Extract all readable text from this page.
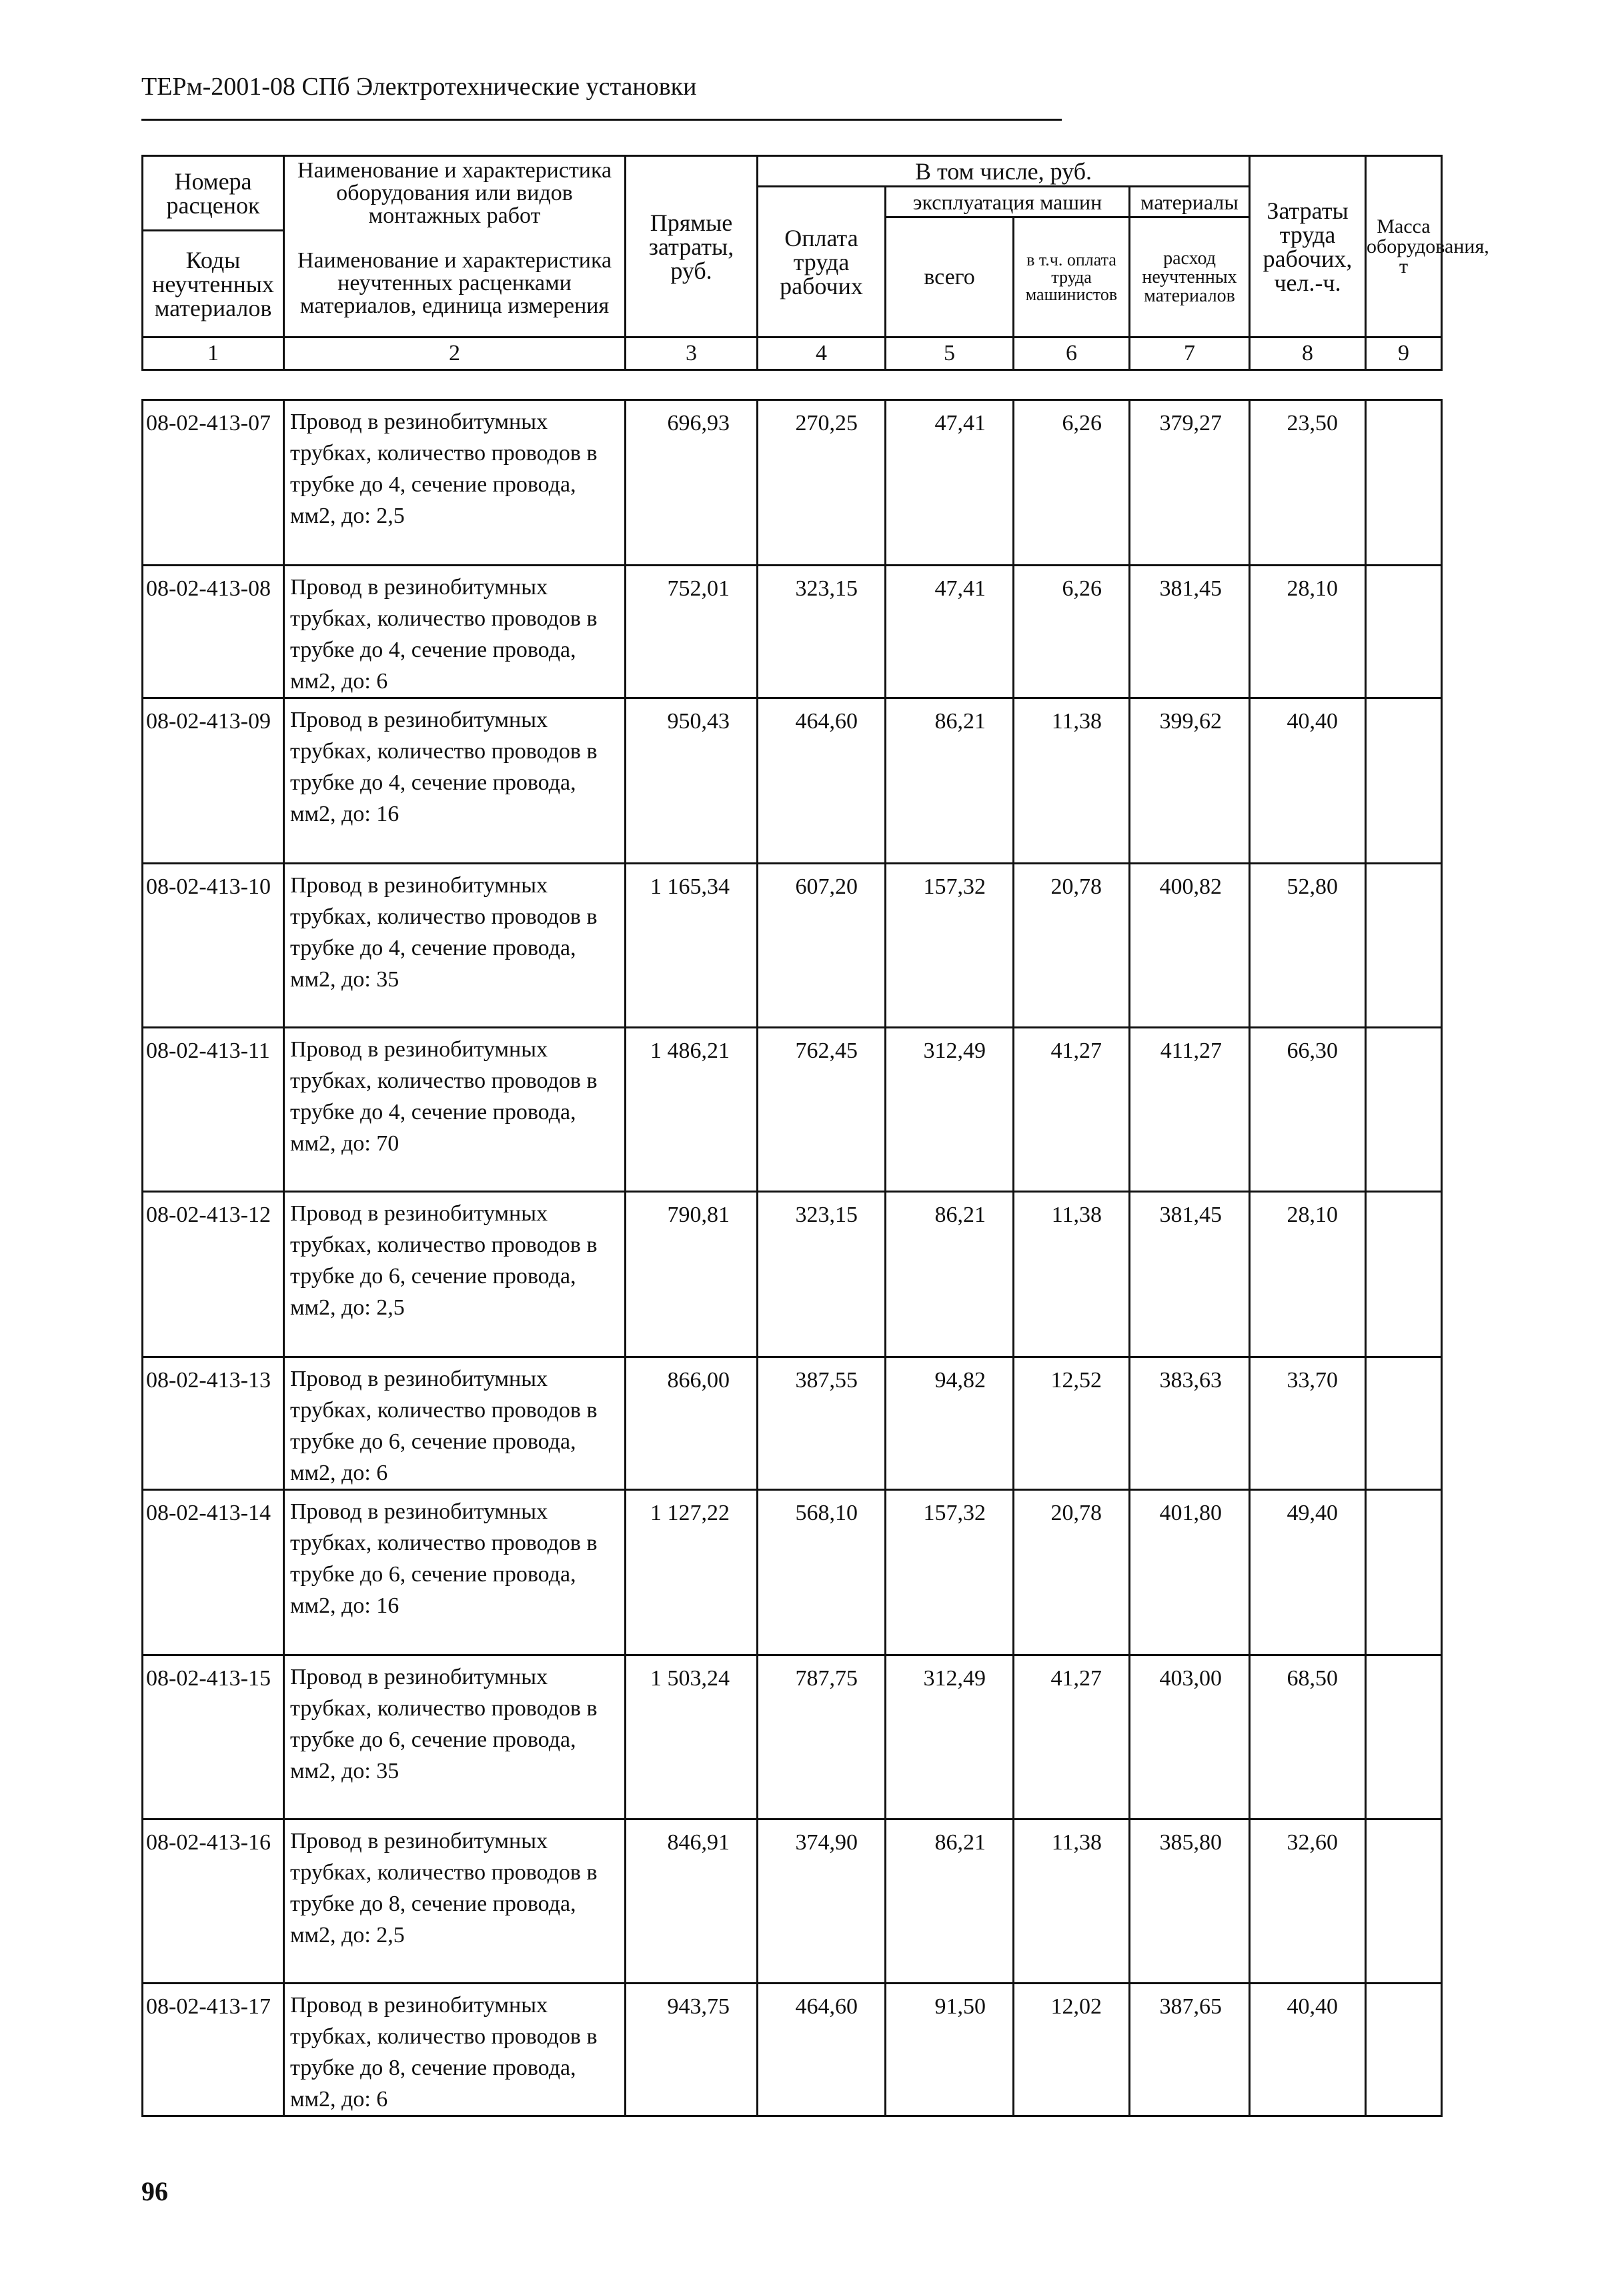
ТЕРм-2001-08 СПб Электротехнические установки
Номера расценок	Наименование и характеристика оборудования или видов монтажных работ	Прямые затраты, руб.	В том числе, руб.				Затраты труда рабочих, чел.-ч.	Масса оборудования, т
			Оплата труда рабочих	эксплуатация машин		материалы		
				всего	в т.ч. оплата труда машинистов	расход неучтенных материалов		
Коды неучтенных материалов	Наименование и характеристика неучтенных расценками материалов, единица измерения							

1	2	3	4	5	6	7	8	9
08-02-413-07	Провод в резинобитумных трубках, количество проводов в трубке до 4, сечение провода, мм2, до: 2,5	696,93	270,25	47,41	6,26	379,27	23,50	
08-02-413-08	Провод в резинобитумных трубках, количество проводов в трубке до 4, сечение провода, мм2, до: 6	752,01	323,15	47,41	6,26	381,45	28,10	
08-02-413-09	Провод в резинобитумных трубках, количество проводов в трубке до 4, сечение провода, мм2, до: 16	950,43	464,60	86,21	11,38	399,62	40,40	
08-02-413-10	Провод в резинобитумных трубках, количество проводов в трубке до 4, сечение провода, мм2, до: 35	1 165,34	607,20	157,32	20,78	400,82	52,80	
08-02-413-11	Провод в резинобитумных трубках, количество проводов в трубке до 4, сечение провода, мм2, до: 70	1 486,21	762,45	312,49	41,27	411,27	66,30	
08-02-413-12	Провод в резинобитумных трубках, количество проводов в трубке до 6, сечение провода, мм2, до: 2,5	790,81	323,15	86,21	11,38	381,45	28,10	
08-02-413-13	Провод в резинобитумных трубках, количество проводов в трубке до 6, сечение провода, мм2, до: 6	866,00	387,55	94,82	12,52	383,63	33,70	
08-02-413-14	Провод в резинобитумных трубках, количество проводов в трубке до 6, сечение провода, мм2, до: 16	1 127,22	568,10	157,32	20,78	401,80	49,40	
08-02-413-15	Провод в резинобитумных трубках, количество проводов в трубке до 6, сечение провода, мм2, до: 35	1 503,24	787,75	312,49	41,27	403,00	68,50	
08-02-413-16	Провод в резинобитумных трубках, количество проводов в трубке до 8, сечение провода, мм2, до: 2,5	846,91	374,90	86,21	11,38	385,80	32,60	
08-02-413-17	Провод в резинобитумных трубках, количество проводов в трубке до 8, сечение провода, мм2, до: 6	943,75	464,60	91,50	12,02	387,65	40,40	
96
